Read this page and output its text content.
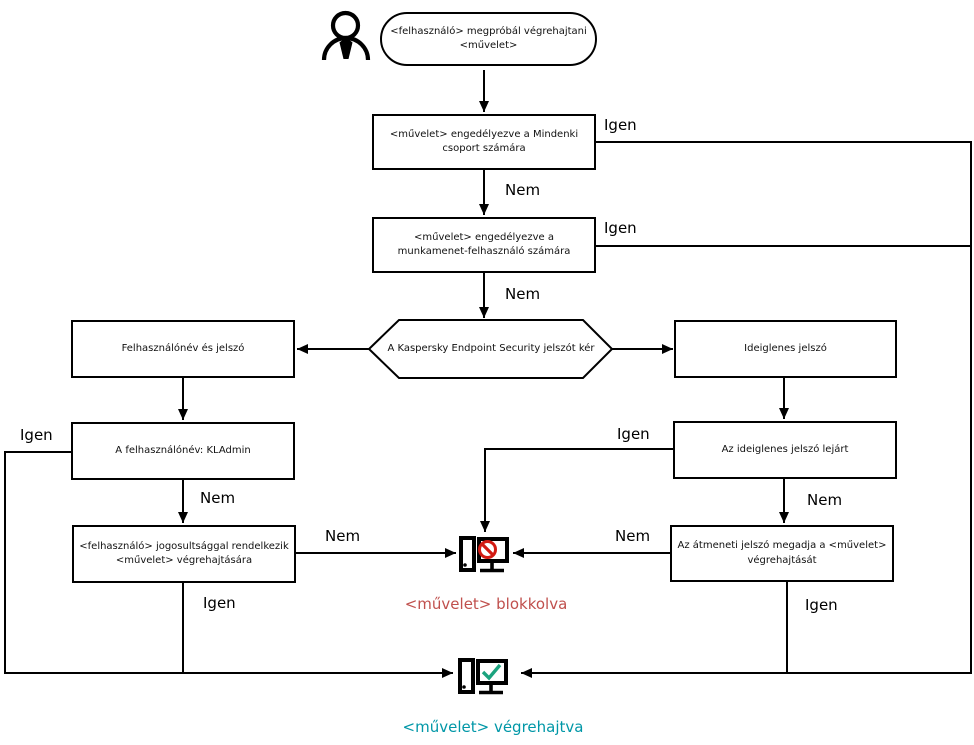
<felhasználó> megpróbál végrehajtani <művelet>
<művelet> engedélyezve a Mindenki csoport számára
<művelet> engedélyezve a munkamenet-felhasználó számára
A Kaspersky Endpoint Security jelszót kér
Felhasználónév és jelszó	Ideiglenes jelszó
A felhasználónév: KLAdmin	Az ideiglenes jelszó lejárt
<felhasználó> jogosultsággal rendelkezik <művelet> végrehajtására
Az átmeneti jelszó megadja a <művelet> végrehajtását
Igen
Nem
Igen
Nem
Igen
Nem
Igen
Nem
Nem
Igen
Nem
Igen
<művelet> blokkolva
<művelet> végrehajtva
